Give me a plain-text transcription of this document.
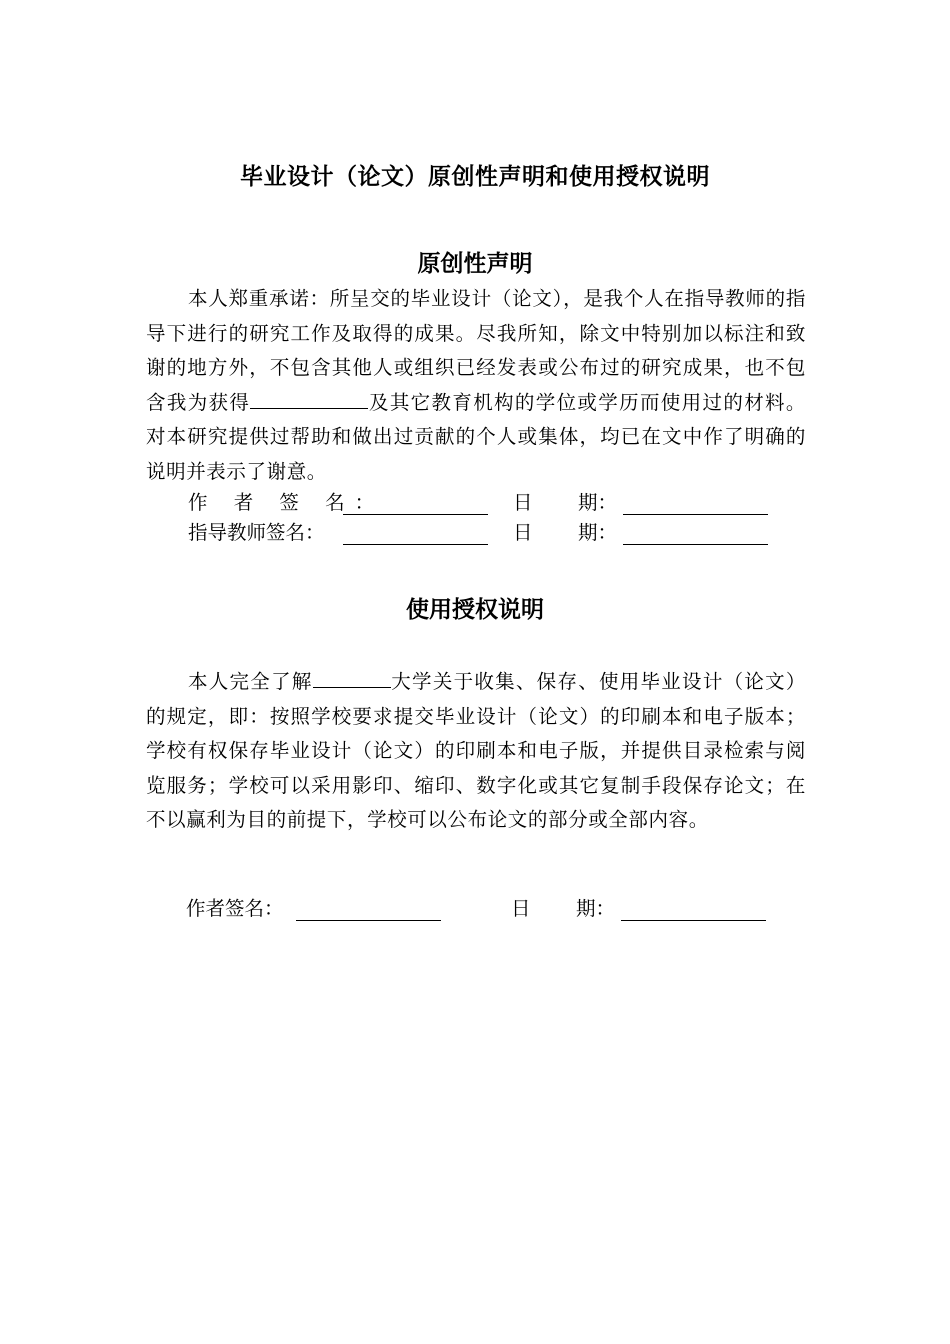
毕业设计（论文）原创性声明和使用授权说明
原创性声明
本人郑重承诺：所呈交的毕业设计（论文），是我个人在指导教师的指导下进行的研究工作及取得的成果。尽我所知，除文中特别加以标注和致谢的地方外，不包含其他人或组织已经发表或公布过的研究成果，也不包含我为获得	及其它教育机构的学位或学历而使用过的材料。对本研究提供过帮助和做出过贡献的个人或集体，均已在文中作了明确的说明并表示了谢意。
作 者 签 名：	日 期：
指导教师签名：	日 期：
使用授权说明
本人完全了解	大学关于收集、保存、使用毕业设计（论文）的规定，即：按照学校要求提交毕业设计（论文）的印刷本和电子版本；学校有权保存毕业设计（论文）的印刷本和电子版，并提供目录检索与阅览服务；学校可以采用影印、缩印、数字化或其它复制手段保存论文；在不以赢利为目的前提下，学校可以公布论文的部分或全部内容。
作者签名：	日 期：
